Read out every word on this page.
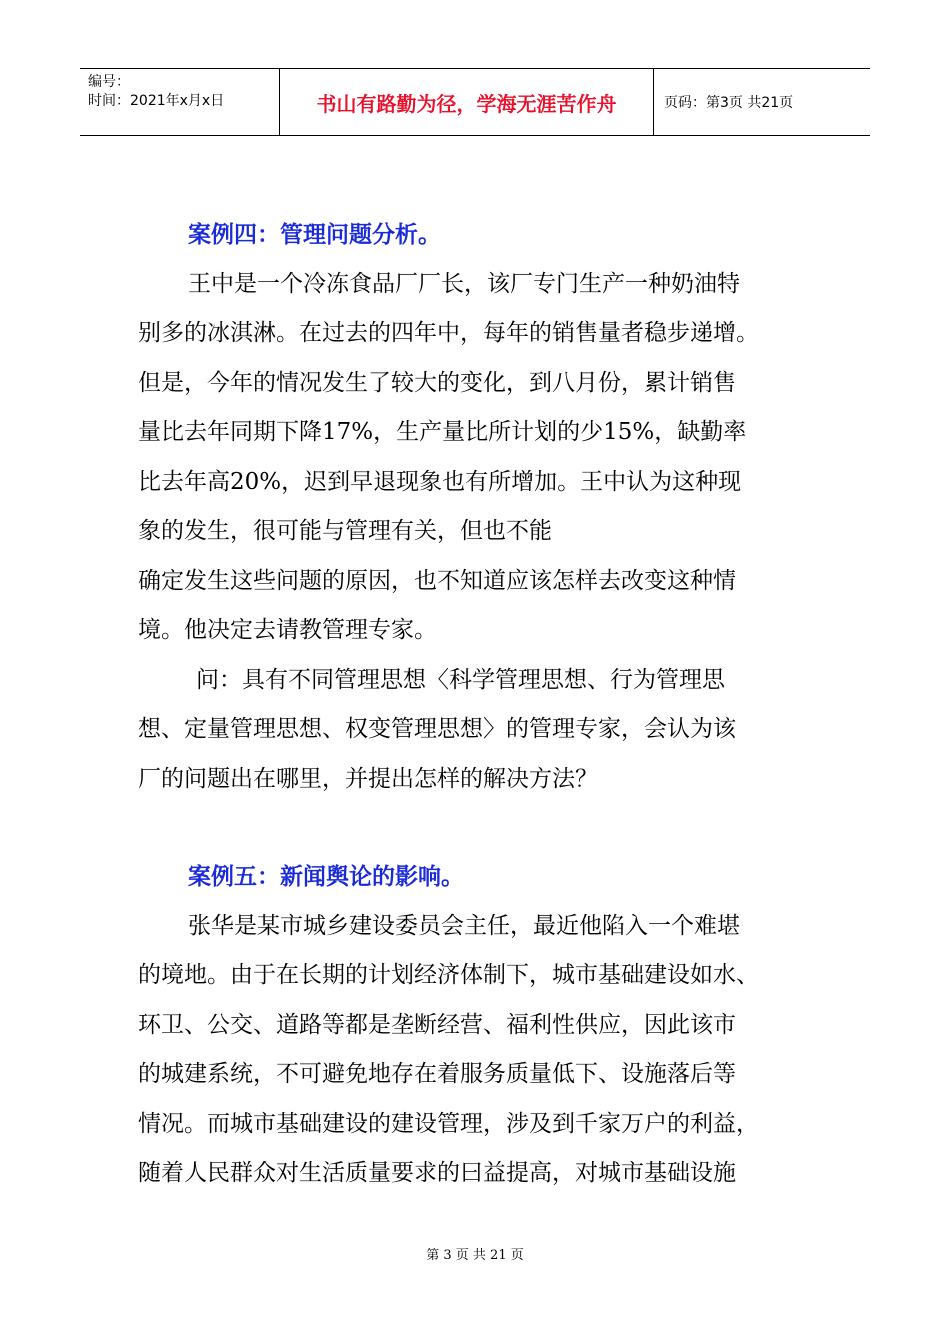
编号：
时间：2021年x月x日	书山有路勤为径，学海无涯苦作舟	页码：第3页 共21页
案例四：管理问题分析。
王中是一个冷冻食品厂厂长，该厂专门生产一种奶油特
别多的冰淇淋。在过去的四年中，每年的销售量者稳步递增。
但是，今年的情况发生了较大的变化，到八月份，累计销售
量比去年同期下降17%，生产量比所计划的少15%，缺勤率
比去年高20%，迟到早退现象也有所增加。王中认为这种现
象的发生，很可能与管理有关，但也不能
确定发生这些问题的原因，也不知道应该怎样去改变这种情
境。他决定去请教管理专家。
问：具有不同管理思想〈科学管理思想、行为管理思
想、定量管理思想、权变管理思想〉的管理专家，会认为该
厂的问题出在哪里，并提出怎样的解决方法？
案例五：新闻舆论的影响。
张华是某市城乡建设委员会主任，最近他陷入一个难堪
的境地。由于在长期的计划经济体制下，城市基础建设如水、
环卫、公交、道路等都是垄断经营、福利性供应，因此该市
的城建系统，不可避免地存在着服务质量低下、设施落后等
情况。而城市基础建设的建设管理，涉及到千家万户的利益，
随着人民群众对生活质量要求的曰益提高，对城市基础设施
第 3 页 共 21 页
